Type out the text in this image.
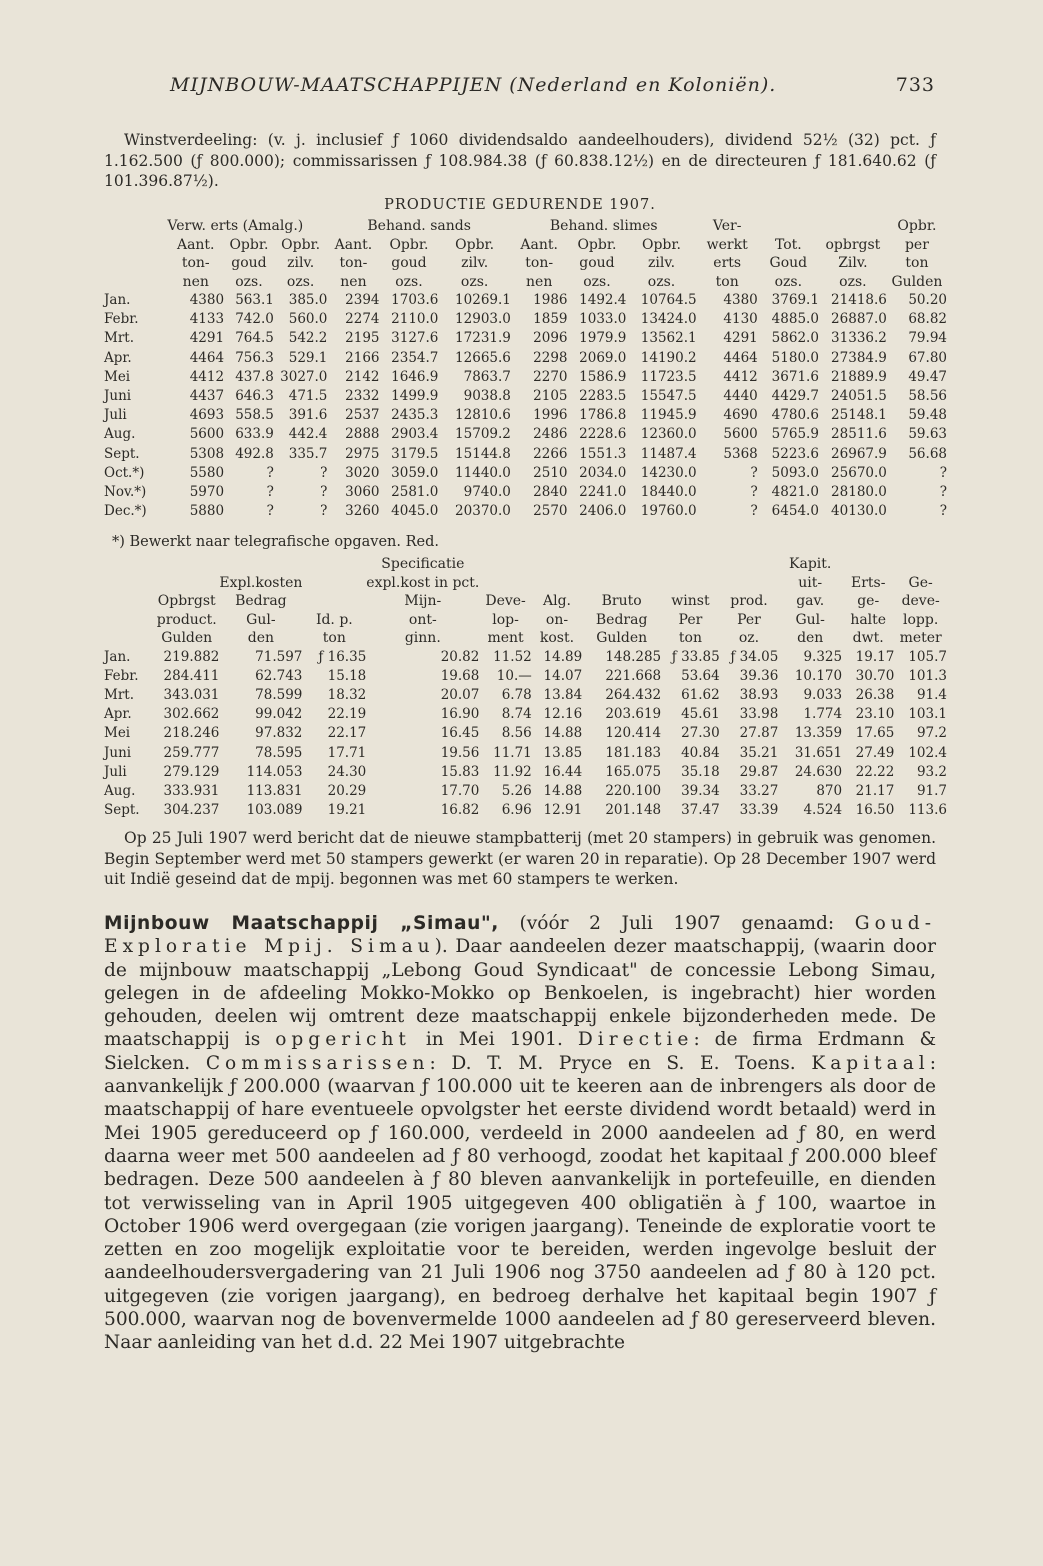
MIJNBOUW-MAATSCHAPPIJEN (Nederland en Koloniën).	733
Winstverdeeling: (v. j. inclusief ƒ 1060 dividendsaldo aandeelhouders), dividend 52½ (32) pct. ƒ 1.162.500 (ƒ 800.000); commissarissen ƒ 108.984.38 (ƒ 60.838.12½) en de directeuren ƒ 181.640.62 (ƒ 101.396.87½).
PRODUCTIE GEDURENDE 1907.
	Verw. erts (Amalg.)			Behand. sands			Behand. slimes			Ver-			Opbr.
	Aant.	Opbr.	Opbr.	Aant.	Opbr.	Opbr.	Aant.	Opbr.	Opbr.	werkt	Tot.	opbrgst	per
	ton-	goud	zilv.	ton-	goud	zilv.	ton-	goud	zilv.	erts	Goud	Zilv.	ton
	nen	ozs.	ozs.	nen	ozs.	ozs.	nen	ozs.	ozs.	ton	ozs.	ozs.	Gulden
Jan.	4380	563.1	385.0	2394	1703.6	10269.1	1986	1492.4	10764.5	4380	3769.1	21418.6	50.20
Febr.	4133	742.0	560.0	2274	2110.0	12903.0	1859	1033.0	13424.0	4130	4885.0	26887.0	68.82
Mrt.	4291	764.5	542.2	2195	3127.6	17231.9	2096	1979.9	13562.1	4291	5862.0	31336.2	79.94
Apr.	4464	756.3	529.1	2166	2354.7	12665.6	2298	2069.0	14190.2	4464	5180.0	27384.9	67.80
Mei	4412	437.8	3027.0	2142	1646.9	7863.7	2270	1586.9	11723.5	4412	3671.6	21889.9	49.47
Juni	4437	646.3	471.5	2332	1499.9	9038.8	2105	2283.5	15547.5	4440	4429.7	24051.5	58.56
Juli	4693	558.5	391.6	2537	2435.3	12810.6	1996	1786.8	11945.9	4690	4780.6	25148.1	59.48
Aug.	5600	633.9	442.4	2888	2903.4	15709.2	2486	2228.6	12360.0	5600	5765.9	28511.6	59.63
Sept.	5308	492.8	335.7	2975	3179.5	15144.8	2266	1551.3	11487.4	5368	5223.6	26967.9	56.68
Oct.*)	5580	?	?	3020	3059.0	11440.0	2510	2034.0	14230.0	?	5093.0	25670.0	?
Nov.*)	5970	?	?	3060	2581.0	9740.0	2840	2241.0	18440.0	?	4821.0	28180.0	?
Dec.*)	5880	?	?	3260	4045.0	20370.0	2570	2406.0	19760.0	?	6454.0	40130.0	?
*) Bewerkt naar telegrafische opgaven. Red.
				Specificatie						Kapit.		
		Expl.kosten		expl.kost in pct.						uit-	Erts-	Ge-
	Opbrgst	Bedrag		Mijn-	Deve-	Alg.	Bruto	winst	prod.	gav.	ge-	deve-
	product.	Gul-	Id. p.	ont-	lop-	on-	Bedrag	Per	Per	Gul-	halte	lopp.
	Gulden	den	ton	ginn.	ment	kost.	Gulden	ton	oz.	den	dwt.	meter
Jan.	219.882	71.597	ƒ 16.35	20.82	11.52	14.89	148.285	ƒ 33.85	ƒ 34.05	9.325	19.17	105.7
Febr.	284.411	62.743	15.18	19.68	10.—	14.07	221.668	53.64	39.36	10.170	30.70	101.3
Mrt.	343.031	78.599	18.32	20.07	6.78	13.84	264.432	61.62	38.93	9.033	26.38	91.4
Apr.	302.662	99.042	22.19	16.90	8.74	12.16	203.619	45.61	33.98	1.774	23.10	103.1
Mei	218.246	97.832	22.17	16.45	8.56	14.88	120.414	27.30	27.87	13.359	17.65	97.2
Juni	259.777	78.595	17.71	19.56	11.71	13.85	181.183	40.84	35.21	31.651	27.49	102.4
Juli	279.129	114.053	24.30	15.83	11.92	16.44	165.075	35.18	29.87	24.630	22.22	93.2
Aug.	333.931	113.831	20.29	17.70	5.26	14.88	220.100	39.34	33.27	870	21.17	91.7
Sept.	304.237	103.089	19.21	16.82	6.96	12.91	201.148	37.47	33.39	4.524	16.50	113.6
Op 25 Juli 1907 werd bericht dat de nieuwe stampbatterij (met 20 stampers) in gebruik was genomen. Begin September werd met 50 stampers gewerkt (er waren 20 in reparatie). Op 28 December 1907 werd uit Indië geseind dat de mpij. begonnen was met 60 stampers te werken.
Mijnbouw Maatschappij „Simau", (vóór 2 Juli 1907 genaamd: Goud-Exploratie Mpij. Simau). Daar aandeelen dezer maatschappij, (waarin door de mijnbouw maatschappij „Lebong Goud Syndicaat" de concessie Lebong Simau, gelegen in de afdeeling Mokko-Mokko op Benkoelen, is ingebracht) hier worden gehouden, deelen wij omtrent deze maatschappij enkele bijzonderheden mede. De maatschappij is opgericht in Mei 1901. Directie: de firma Erdmann & Sielcken. Commissarissen: D. T. M. Pryce en S. E. Toens. Kapitaal: aanvankelijk ƒ 200.000 (waarvan ƒ 100.000 uit te keeren aan de inbrengers als door de maatschappij of hare eventueele opvolgster het eerste dividend wordt betaald) werd in Mei 1905 gereduceerd op ƒ 160.000, verdeeld in 2000 aandeelen ad ƒ 80, en werd daarna weer met 500 aandeelen ad ƒ 80 verhoogd, zoodat het kapitaal ƒ 200.000 bleef bedragen. Deze 500 aandeelen à ƒ 80 bleven aanvankelijk in portefeuille, en dienden tot verwisseling van in April 1905 uitgegeven 400 obligatiën à ƒ 100, waartoe in October 1906 werd overgegaan (zie vorigen jaargang). Teneinde de exploratie voort te zetten en zoo mogelijk exploitatie voor te bereiden, werden ingevolge besluit der aandeelhoudersvergadering van 21 Juli 1906 nog 3750 aandeelen ad ƒ 80 à 120 pct. uitgegeven (zie vorigen jaargang), en bedroeg derhalve het kapitaal begin 1907 ƒ 500.000, waarvan nog de bovenvermelde 1000 aandeelen ad ƒ 80 gereserveerd bleven. Naar aanleiding van het d.d. 22 Mei 1907 uitgebrachte
